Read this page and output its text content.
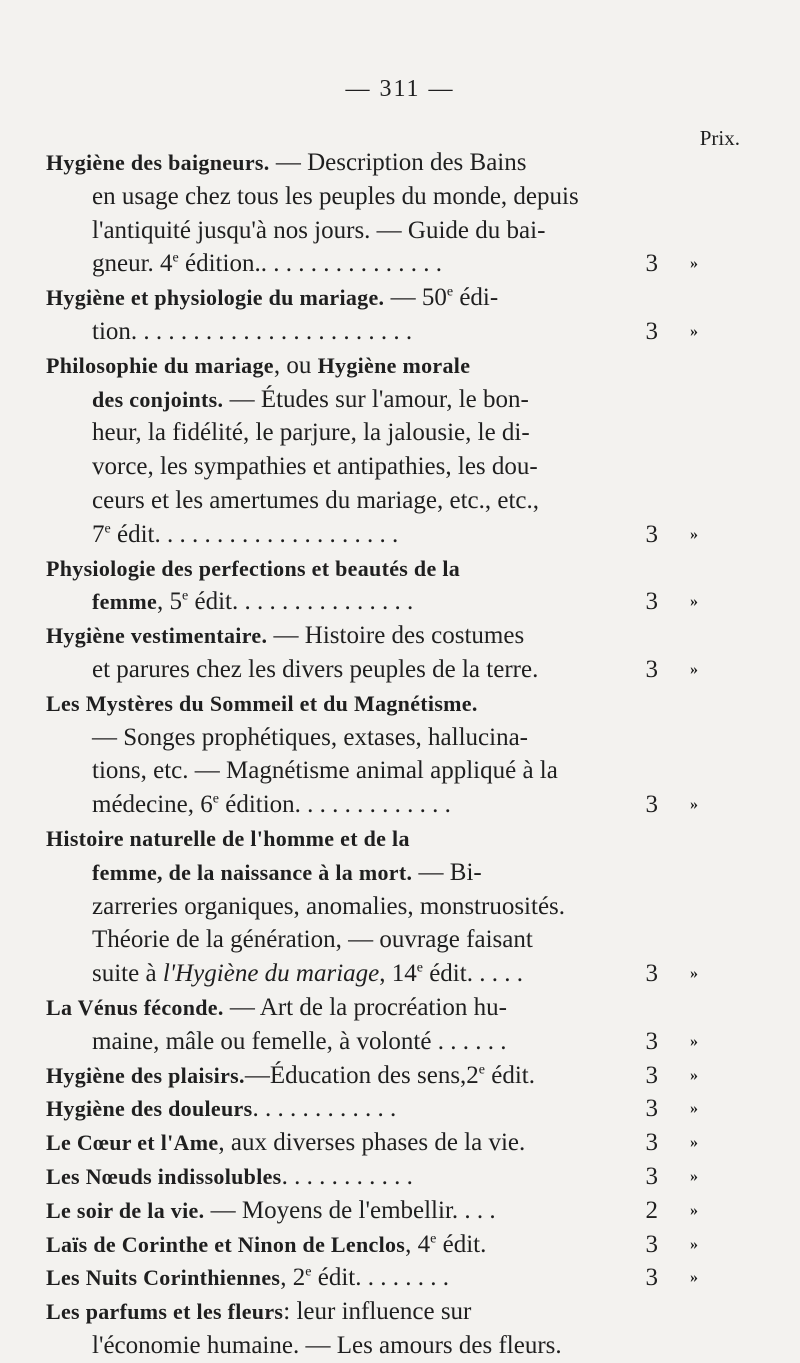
— 311 —
Prix.
Hygiène des baigneurs. — Description des Bains
en usage chez tous les peuples du monde, depuis
l'antiquité jusqu'à nos jours. — Guide du bai-
gneur. 4e édition.. . . . . . . . . . . . . . .	3	»
Hygiène et physiologie du mariage. — 50e édi-
tion. . . . . . . . . . . . . . . . . . . . . . .	3	»
Philosophie du mariage, ou Hygiène morale
des conjoints. — Études sur l'amour, le bon-
heur, la fidélité, le parjure, la jalousie, le di-
vorce, les sympathies et antipathies, les dou-
ceurs et les amertumes du mariage, etc., etc.,
7e édit. . . . . . . . . . . . . . . . . . . .	3	»
Physiologie des perfections et beautés de la
femme, 5e édit. . . . . . . . . . . . . . .	3	»
Hygiène vestimentaire. — Histoire des costumes
et parures chez les divers peuples de la terre.	3	»
Les Mystères du Sommeil et du Magnétisme.
— Songes prophétiques, extases, hallucina-
tions, etc. — Magnétisme animal appliqué à la
médecine, 6e édition. . . . . . . . . . . . .	3	»
Histoire naturelle de l'homme et de la
femme, de la naissance à la mort. — Bi-
zarreries organiques, anomalies, monstruosités.
Théorie de la génération, — ouvrage faisant
suite à l'Hygiène du mariage, 14e édit. . . . .	3	»
La Vénus féconde. — Art de la procréation hu-
maine, mâle ou femelle, à volonté . . . . . .	3	»
Hygiène des plaisirs.—Éducation des sens,2e édit.	3	»
Hygiène des douleurs. . . . . . . . . . . .	3	»
Le Cœur et l'Ame, aux diverses phases de la vie.	3	»
Les Nœuds indissolubles. . . . . . . . . . .	3	»
Le soir de la vie. — Moyens de l'embellir. . . .	2	»
Laïs de Corinthe et Ninon de Lenclos, 4e édit.	3	»
Les Nuits Corinthiennes, 2e édit. . . . . . . .	3	»
Les parfums et les fleurs: leur influence sur
l'économie humaine. — Les amours des fleurs.
